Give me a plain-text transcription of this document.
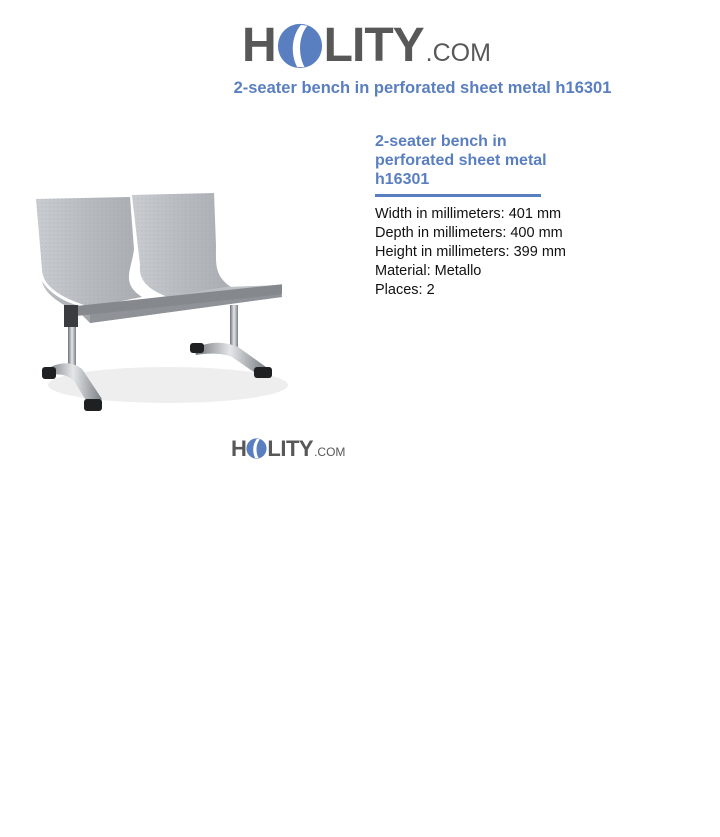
H LITY .COM
2-seater bench in perforated sheet metal h16301
2-seater bench in perforated sheet metal h16301
Width in millimeters: 401 mm
Depth in millimeters: 400 mm
Height in millimeters: 399 mm
Material: Metallo
Places: 2
H LITY .COM
